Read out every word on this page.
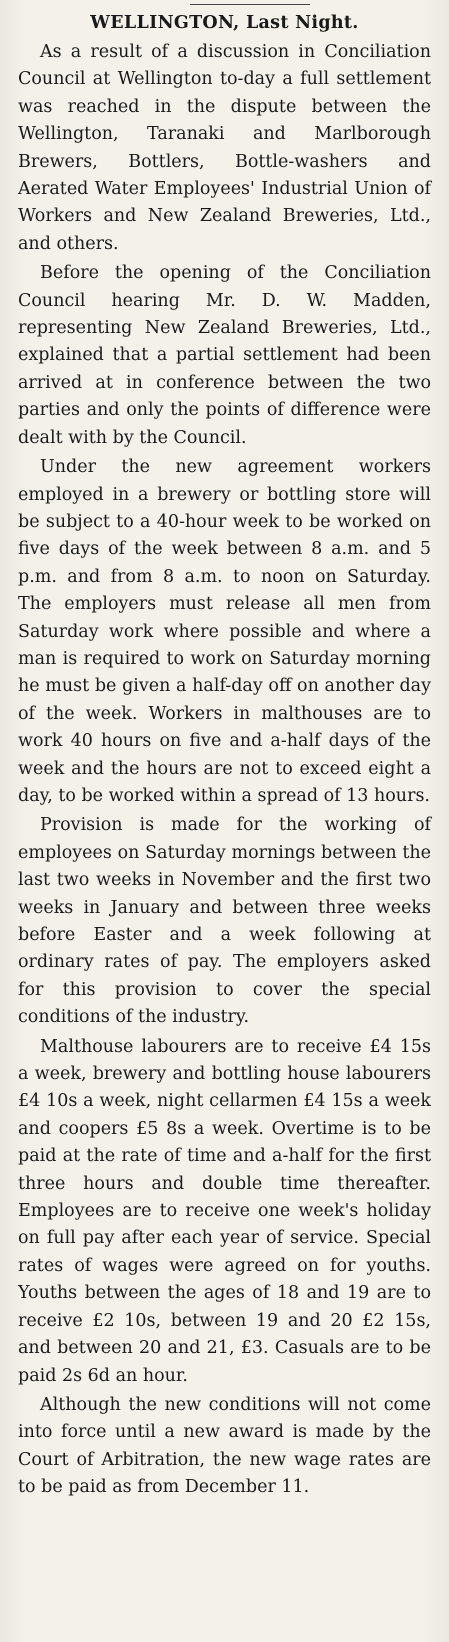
WELLINGTON, Last Night.

As a result of a discussion in Conciliation Council at Wellington to-day a full settlement was reached in the dispute between the Wellington, Taranaki and Marlborough Brewers, Bottlers, Bottle-washers and Aerated Water Employees' Industrial Union of Workers and New Zealand Breweries, Ltd., and others.

Before the opening of the Conciliation Council hearing Mr. D. W. Madden, representing New Zealand Breweries, Ltd., explained that a partial settlement had been arrived at in conference between the two parties and only the points of difference were dealt with by the Council.

Under the new agreement workers employed in a brewery or bottling store will be subject to a 40-hour week to be worked on five days of the week between 8 a.m. and 5 p.m. and from 8 a.m. to noon on Saturday. The employers must release all men from Saturday work where possible and where a man is required to work on Saturday morning he must be given a half-day off on another day of the week. Workers in malthouses are to work 40 hours on five and a-half days of the week and the hours are not to exceed eight a day, to be worked within a spread of 13 hours.

Provision is made for the working of employees on Saturday mornings between the last two weeks in November and the first two weeks in January and between three weeks before Easter and a week following at ordinary rates of pay. The employers asked for this provision to cover the special conditions of the industry.

Malthouse labourers are to receive £4 15s a week, brewery and bottling house labourers £4 10s a week, night cellarmen £4 15s a week and coopers £5 8s a week. Overtime is to be paid at the rate of time and a-half for the first three hours and double time thereafter. Employees are to receive one week's holiday on full pay after each year of service. Special rates of wages were agreed on for youths. Youths between the ages of 18 and 19 are to receive £2 10s, between 19 and 20 £2 15s, and between 20 and 21, £3. Casuals are to be paid 2s 6d an hour.

Although the new conditions will not come into force until a new award is made by the Court of Arbitration, the new wage rates are to be paid as from December 11.
